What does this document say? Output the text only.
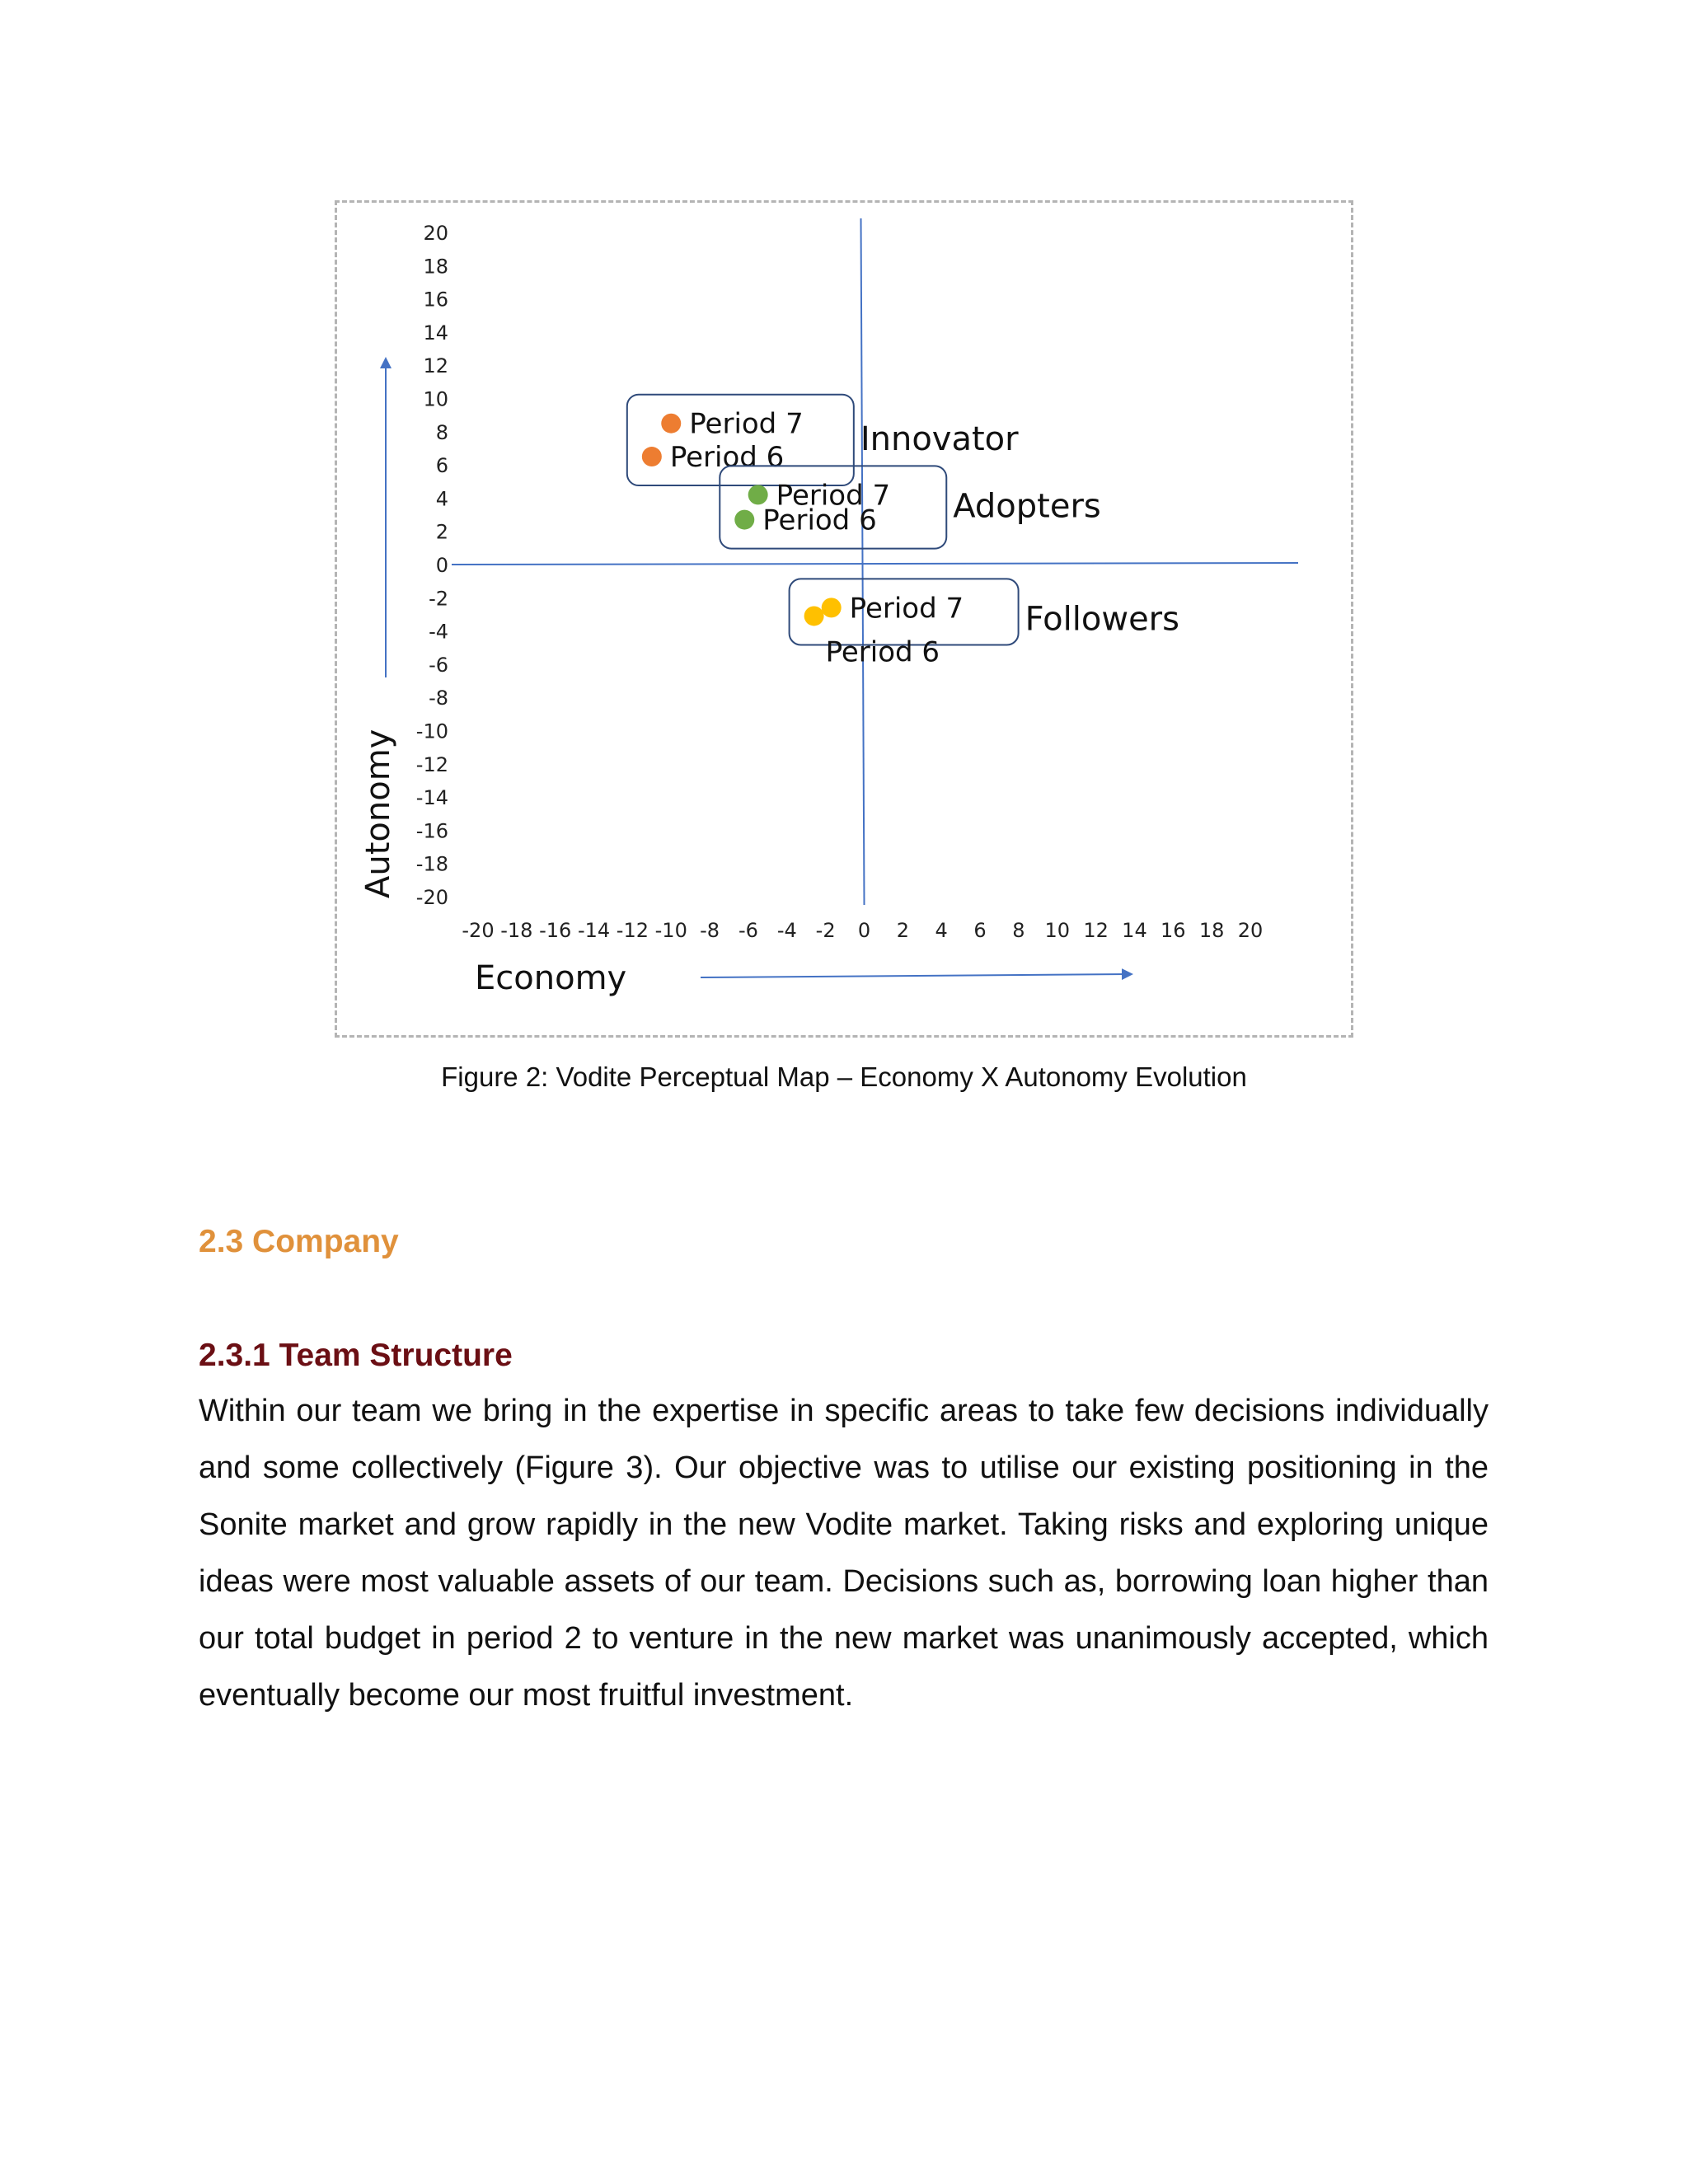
20
18
16
14
12
10
8
6
4
2
0
-2
-4
-6
-8
-10
-12
-14
-16
-18
-20
-20 -18 -16 -14 -12 -10 -8 -6 -4 -2 0 2 4 6 8 10 12 14 16 18 20
Period 7
Period 6 Innovator
Period 7
Period 6 Adopters
Period 7
Period 6
Followers
Economy
Autonomy
Figure 2: Vodite Perceptual Map – Economy X Autonomy Evolution
2.3 Company
2.3.1 Team Structure

Within our team we bring in the expertise in specific areas to take few decisions individually and some collectively (Figure 3). Our objective was to utilise our existing positioning in the Sonite market and grow rapidly in the new Vodite market. Taking risks and exploring unique ideas were most valuable assets of our team. Decisions such as, borrowing loan higher than our total budget in period 2 to venture in the new market was unanimously accepted, which eventually become our most fruitful investment.
